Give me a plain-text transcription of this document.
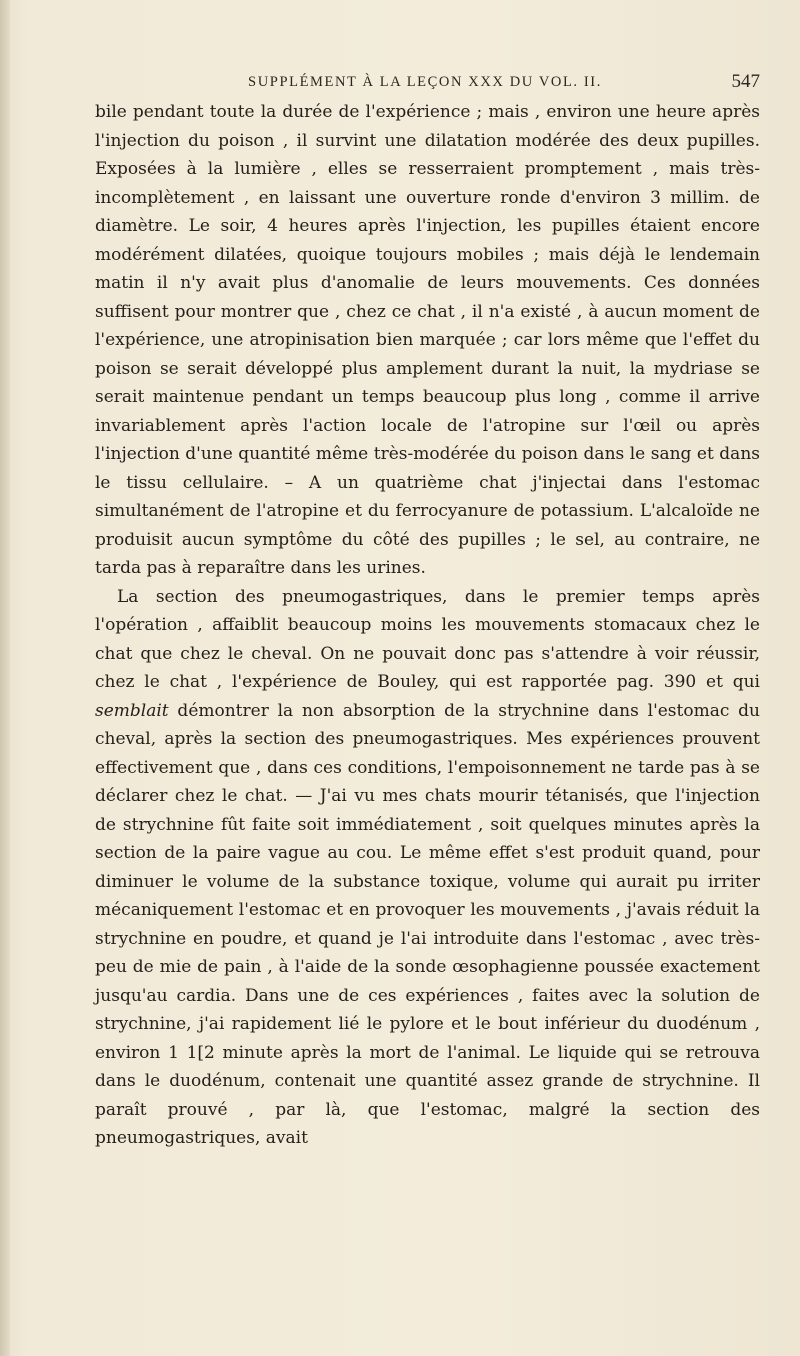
SUPPLÉMENT À LA LEÇON XXX DU VOL. II.	547

bile pendant toute la durée de l'expérience ; mais , environ une heure après l'injection du poison , il survint une dilatation modérée des deux pupilles. Exposées à la lumière , elles se resserraient promptement , mais très-incomplètement , en laissant une ouverture ronde d'environ 3 millim. de diamètre. Le soir, 4 heures après l'injection, les pupilles étaient encore modérément dilatées, quoique toujours mobiles ; mais déjà le lendemain matin il n'y avait plus d'anomalie de leurs mouvements. Ces données suffisent pour montrer que , chez ce chat , il n'a existé , à aucun moment de l'expérience, une atropinisation bien marquée ; car lors même que l'effet du poison se serait développé plus amplement durant la nuit, la mydriase se serait maintenue pendant un temps beaucoup plus long , comme il arrive invariablement après l'action locale de l'atropine sur l'œil ou après l'injection d'une quantité même très-modérée du poison dans le sang et dans le tissu cellulaire. – A un quatrième chat j'injectai dans l'estomac simultanément de l'atropine et du ferrocyanure de potassium. L'alcaloïde ne produisit aucun symptôme du côté des pupilles ; le sel, au contraire, ne tarda pas à reparaître dans les urines.

La section des pneumogastriques, dans le premier temps après l'opération , affaiblit beaucoup moins les mouvements stomacaux chez le chat que chez le cheval. On ne pouvait donc pas s'attendre à voir réussir, chez le chat , l'expérience de Bouley, qui est rapportée pag. 390 et qui semblait démontrer la non absorption de la strychnine dans l'estomac du cheval, après la section des pneumogastriques. Mes expériences prouvent effectivement que , dans ces conditions, l'empoisonnement ne tarde pas à se déclarer chez le chat. — J'ai vu mes chats mourir tétanisés, que l'injection de strychnine fût faite soit immédiatement , soit quelques minutes après la section de la paire vague au cou. Le même effet s'est produit quand, pour diminuer le volume de la substance toxique, volume qui aurait pu irriter mécaniquement l'estomac et en provoquer les mouvements , j'avais réduit la strychnine en poudre, et quand je l'ai introduite dans l'estomac , avec très-peu de mie de pain , à l'aide de la sonde œsophagienne poussée exactement jusqu'au cardia. Dans une de ces expériences , faites avec la solution de strychnine, j'ai rapidement lié le pylore et le bout inférieur du duodénum , environ 1 1[2 minute après la mort de l'animal. Le liquide qui se retrouva dans le duodénum, contenait une quantité assez grande de strychnine. Il paraît prouvé , par là, que l'estomac, malgré la section des pneumogastriques, avait
